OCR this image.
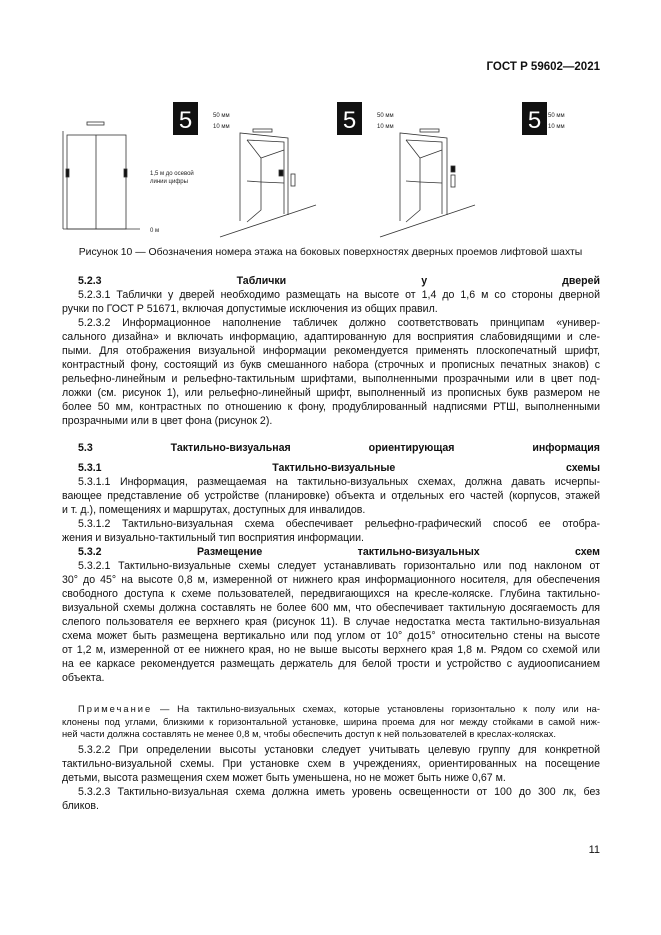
ГОСТ Р 59602—2021
5	50 мм
10 мм	5	50 мм
10 мм	5 50 мм
10 мм
1,5 м до осевой
линии цифры
0 м
Рисунок 10 — Обозначения номера этажа на боковых поверхностях дверных проемов лифтовой шахты
5.2.3 Таблички у дверей
5.2.3.1 Таблички у дверей необходимо размещать на высоте от 1,4 до 1,6 м со стороны дверной
ручки по ГОСТ Р 51671, включая допустимые исключения из общих правил.
5.2.3.2 Информационное наполнение табличек должно соответствовать принципам «универ-
сального дизайна» и включать информацию, адаптированную для восприятия слабовидящими и сле-
пыми. Для отображения визуальной информации рекомендуется применять плоскопечатный шрифт,
контрастный фону, состоящий из букв смешанного набора (строчных и прописных печатных знаков) с
рельефно-линейным и рельефно-тактильным шрифтами, выполненными прозрачными или в цвет под-
ложки (см. рисунок 1), или рельефно-линейный шрифт, выполненный из прописных букв размером не
более 50 мм, контрастных по отношению к фону, продублированный надписями РТШ, выполненными
прозрачными или в цвет фона (рисунок 2).
5.3 Тактильно-визуальная ориентирующая информация
5.3.1 Тактильно-визуальные схемы
5.3.1.1 Информация, размещаемая на тактильно-визуальных схемах, должна давать исчерпы-
вающее представление об устройстве (планировке) объекта и отдельных его частей (корпусов, этажей
и т. д.), помещениях и маршрутах, доступных для инвалидов.
5.3.1.2 Тактильно-визуальная схема обеспечивает рельефно-графический способ ее отобра-
жения и визуально-тактильный тип восприятия информации.
5.3.2 Размещение тактильно-визуальных схем
5.3.2.1 Тактильно-визуальные схемы следует устанавливать горизонтально или под наклоном от
30° до 45° на высоте 0,8 м, измеренной от нижнего края информационного носителя, для обеспечения
свободного доступа к схеме пользователей, передвигающихся на кресле-коляске. Глубина тактильно-
визуальной схемы должна составлять не более 600 мм, что обеспечивает тактильную досягаемость для
слепого пользователя ее верхнего края (рисунок 11). В случае недостатка места тактильно-визуальная
схема может быть размещена вертикально или под углом от 10° до15° относительно стены на высоте
от 1,2 м, измеренной от ее нижнего края, но не выше высоты верхнего края 1,8 м. Рядом со схемой или
на ее каркасе рекомендуется размещать держатель для белой трости и устройство с аудиоописанием
объекта.
Примечание — На тактильно-визуальных схемах, которые установлены горизонтально к полу или на-
клонены под углами, близкими к горизонтальной установке, ширина проема для ног между стойками в самой ниж-
ней части должна составлять не менее 0,8 м, чтобы обеспечить доступ к ней пользователей в креслах-колясках.
5.3.2.2 При определении высоты установки следует учитывать целевую группу для конкретной
тактильно-визуальной схемы. При установке схем в учреждениях, ориентированных на посещение
детьми, высота размещения схем может быть уменьшена, но не может быть ниже 0,67 м.
5.3.2.3 Тактильно-визуальная схема должна иметь уровень освещенности от 100 до 300 лк, без
бликов.
11
